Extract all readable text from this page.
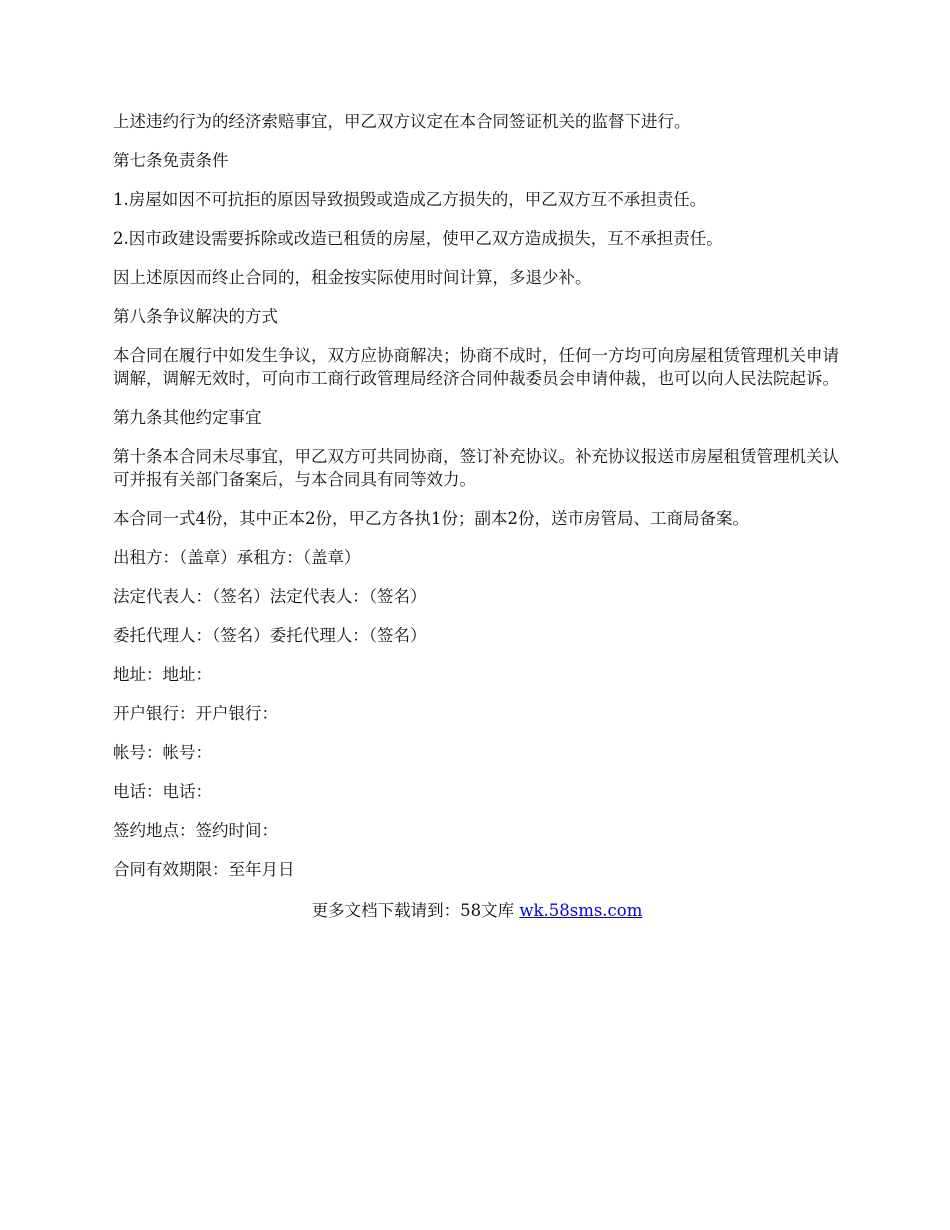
上述违约行为的经济索赔事宜，甲乙双方议定在本合同签证机关的监督下进行。

第七条免责条件

1.房屋如因不可抗拒的原因导致损毁或造成乙方损失的，甲乙双方互不承担责任。

2.因市政建设需要拆除或改造已租赁的房屋，使甲乙双方造成损失，互不承担责任。

因上述原因而终止合同的，租金按实际使用时间计算，多退少补。

第八条争议解决的方式

本合同在履行中如发生争议，双方应协商解决；协商不成时，任何一方均可向房屋租赁管理机关申请调解，调解无效时，可向市工商行政管理局经济合同仲裁委员会申请仲裁，也可以向人民法院起诉。

第九条其他约定事宜

第十条本合同未尽事宜，甲乙双方可共同协商，签订补充协议。补充协议报送市房屋租赁管理机关认可并报有关部门备案后，与本合同具有同等效力。

本合同一式4份，其中正本2份，甲乙方各执1份；副本2份，送市房管局、工商局备案。

出租方：（盖章）承租方：（盖章）

法定代表人：（签名）法定代表人：（签名）

委托代理人：（签名）委托代理人：（签名）

地址：地址：

开户银行：开户银行：

帐号：帐号：

电话：电话：

签约地点：签约时间：

合同有效期限：至年月日

更多文档下载请到：58文库 wk.58sms.com
